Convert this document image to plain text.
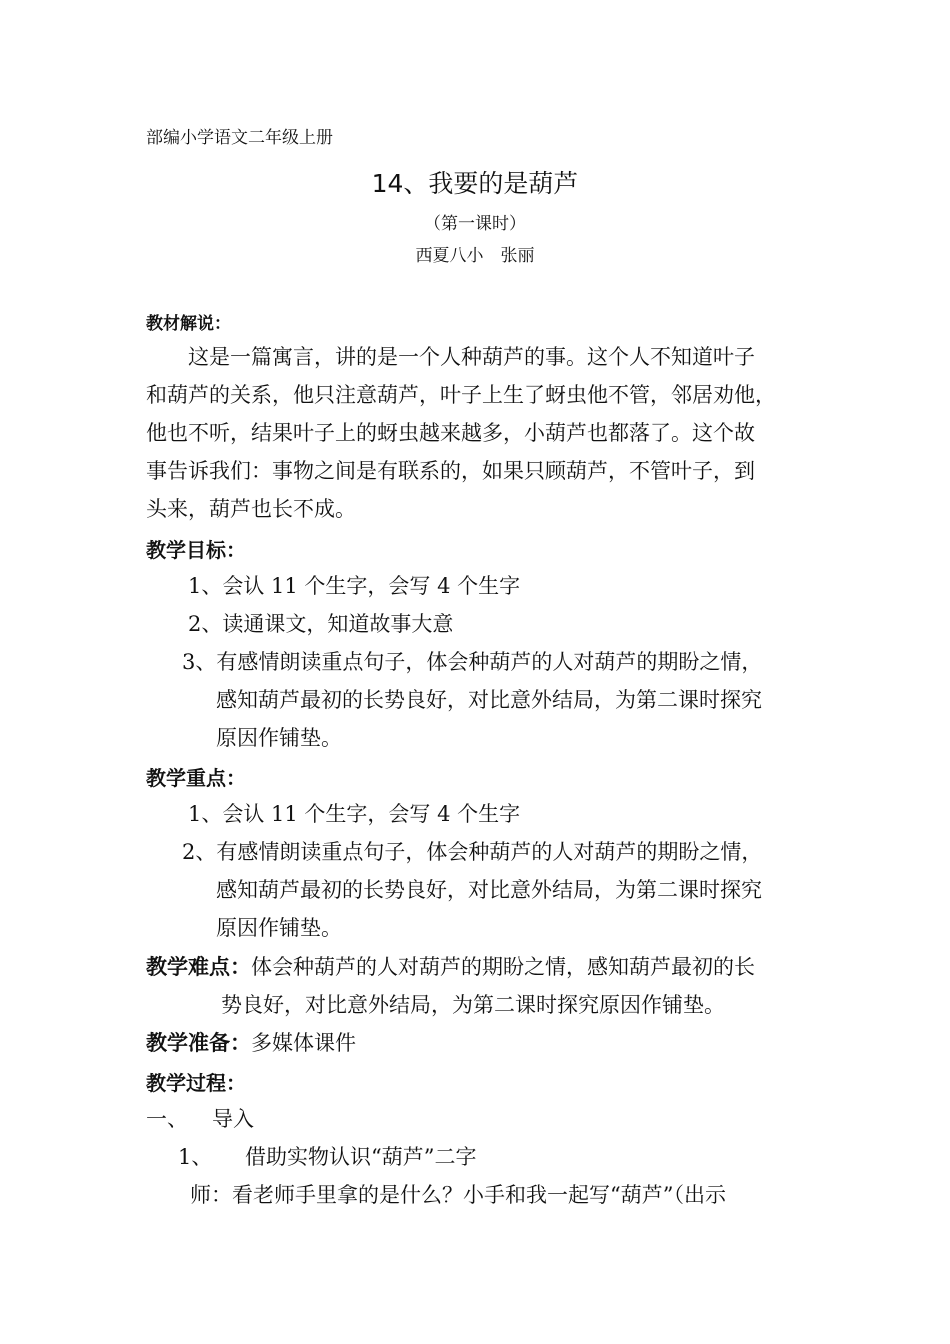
部编小学语文二年级上册
14、我要的是葫芦
（第一课时）
西夏八小　张丽
教材解说：
这是一篇寓言，讲的是一个人种葫芦的事。这个人不知道叶子
和葫芦的关系，他只注意葫芦，叶子上生了蚜虫他不管，邻居劝他，
他也不听，结果叶子上的蚜虫越来越多，小葫芦也都落了。这个故
事告诉我们：事物之间是有联系的，如果只顾葫芦，不管叶子，到
头来，葫芦也长不成。
教学目标：
1、会认 11 个生字，会写 4 个生字
2、读通课文，知道故事大意
3、有感情朗读重点句子，体会种葫芦的人对葫芦的期盼之情，
感知葫芦最初的长势良好，对比意外结局，为第二课时探究
原因作铺垫。
教学重点：
1、会认 11 个生字，会写 4 个生字
2、有感情朗读重点句子，体会种葫芦的人对葫芦的期盼之情，
感知葫芦最初的长势良好，对比意外结局，为第二课时探究
原因作铺垫。
教学难点：体会种葫芦的人对葫芦的期盼之情，感知葫芦最初的长
势良好，对比意外结局，为第二课时探究原因作铺垫。
教学准备：多媒体课件
教学过程：
一、 导入
1、 借助实物认识“葫芦”二字
师：看老师手里拿的是什么？小手和我一起写“葫芦”（出示
